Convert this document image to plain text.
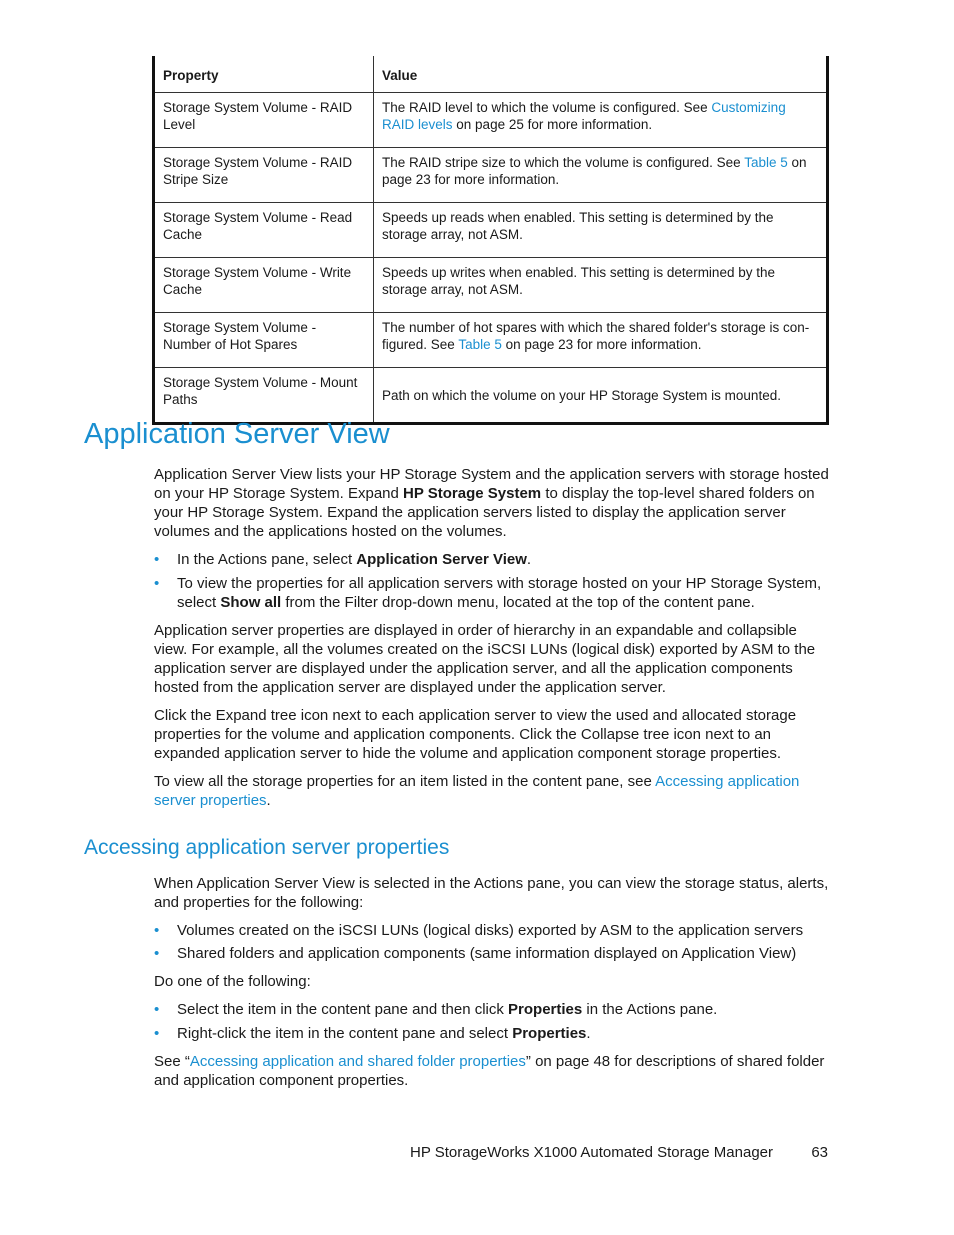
Property	Value
Storage System Volume - RAID Level	The RAID level to which the volume is configured. See Customizing RAID levels on page 25 for more information.
Storage System Volume - RAID Stripe Size	The RAID stripe size to which the volume is configured. See Table 5 on page 23 for more information.
Storage System Volume - Read Cache	Speeds up reads when enabled. This setting is determined by the storage array, not ASM.
Storage System Volume - Write Cache	Speeds up writes when enabled. This setting is determined by the storage array, not ASM.
Storage System Volume - Number of Hot Spares	The number of hot spares with which the shared folder's storage is con-figured. See Table 5 on page 23 for more information.
Storage System Volume - Mount Paths	Path on which the volume on your HP Storage System is mounted.
Application Server View

Application Server View lists your HP Storage System and the application servers with storage hosted on your HP Storage System. Expand HP Storage System to display the top-level shared folders on your HP Storage System. Expand the application servers listed to display the application server volumes and the applications hosted on the volumes.

• In the Actions pane, select Application Server View.
• To view the properties for all application servers with storage hosted on your HP Storage System, select Show all from the Filter drop-down menu, located at the top of the content pane.

Application server properties are displayed in order of hierarchy in an expandable and collapsible view. For example, all the volumes created on the iSCSI LUNs (logical disk) exported by ASM to the application server are displayed under the application server, and all the application components hosted from the application server are displayed under the application server.

Click the Expand tree icon next to each application server to view the used and allocated storage properties for the volume and application components. Click the Collapse tree icon next to an expanded application server to hide the volume and application component storage properties.

To view all the storage properties for an item listed in the content pane, see Accessing application server properties.

Accessing application server properties

When Application Server View is selected in the Actions pane, you can view the storage status, alerts, and properties for the following:

• Volumes created on the iSCSI LUNs (logical disks) exported by ASM to the application servers
• Shared folders and application components (same information displayed on Application View)

Do one of the following:

• Select the item in the content pane and then click Properties in the Actions pane.
• Right-click the item in the content pane and select Properties.

See “Accessing application and shared folder properties” on page 48 for descriptions of shared folder and application component properties.

HP StorageWorks X1000 Automated Storage Manager	63
